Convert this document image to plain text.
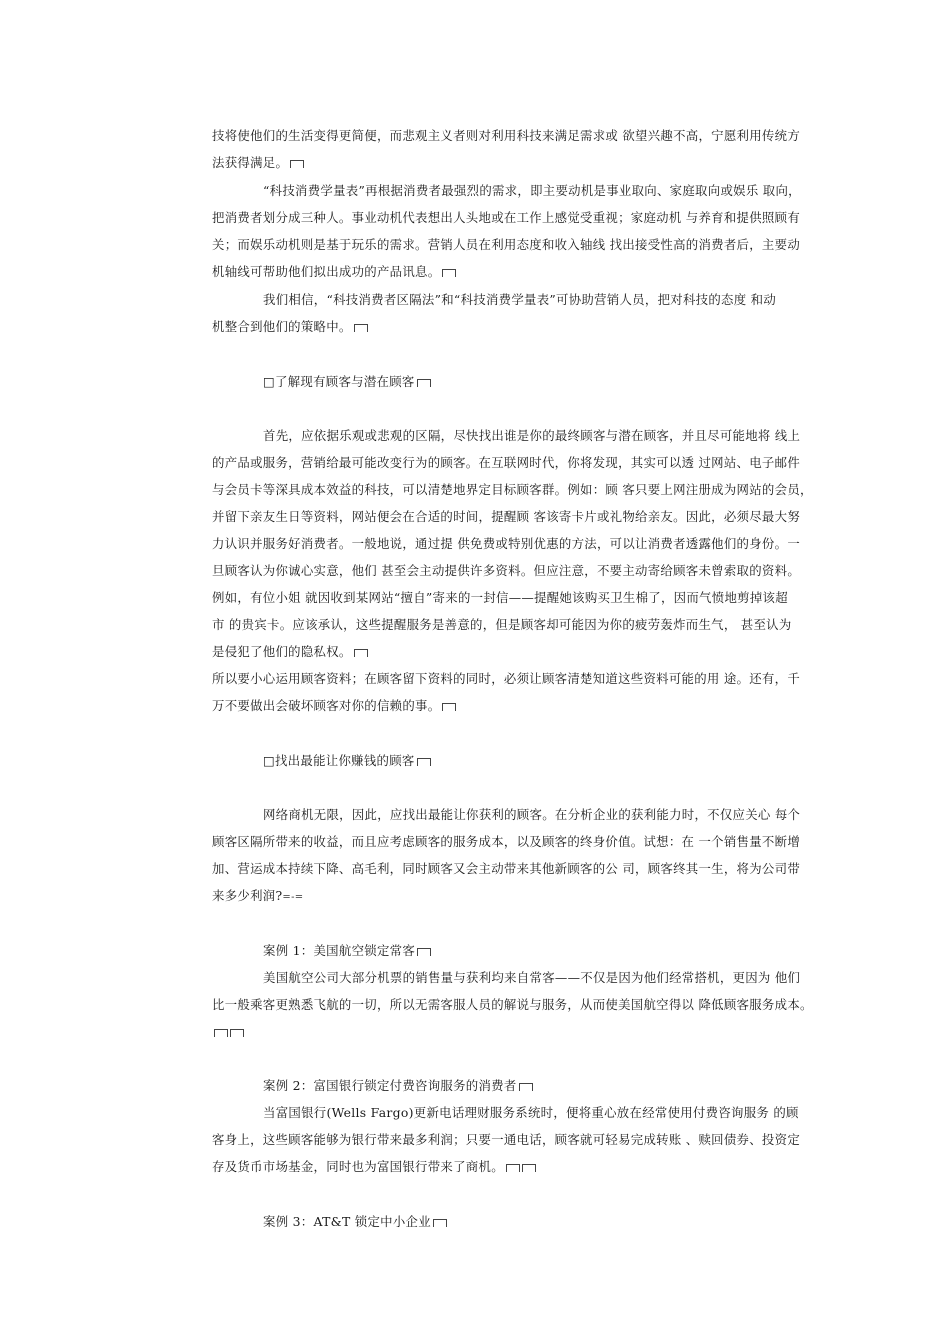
技将使他们的生活变得更简便，而悲观主义者则对利用科技来满足需求或 欲望兴趣不高，宁愿利用传统方
法获得满足。
“科技消费学量表”再根据消费者最强烈的需求，即主要动机是事业取向、家庭取向或娱乐 取向，
把消费者划分成三种人。事业动机代表想出人头地或在工作上感觉受重视；家庭动机 与养育和提供照顾有
关；而娱乐动机则是基于玩乐的需求。营销人员在利用态度和收入轴线 找出接受性高的消费者后，主要动
机轴线可帮助他们拟出成功的产品讯息。
我们相信，“科技消费者区隔法”和“科技消费学量表”可协助营销人员，把对科技的态度 和动
机整合到他们的策略中。
□了解现有顾客与潜在顾客
首先，应依据乐观或悲观的区隔，尽快找出谁是你的最终顾客与潜在顾客，并且尽可能地将 线上
的产品或服务，营销给最可能改变行为的顾客。在互联网时代，你将发现，其实可以透 过网站、电子邮件
与会员卡等深具成本效益的科技，可以清楚地界定目标顾客群。例如：顾 客只要上网注册成为网站的会员，
并留下亲友生日等资料，网站便会在合适的时间，提醒顾 客该寄卡片或礼物给亲友。因此，必须尽最大努
力认识并服务好消费者。一般地说，通过提 供免费或特别优惠的方法，可以让消费者透露他们的身份。一
旦顾客认为你诚心实意，他们 甚至会主动提供许多资料。但应注意，不要主动寄给顾客未曾索取的资料。
例如，有位小姐 就因收到某网站“擅自”寄来的一封信——提醒她该购买卫生棉了，因而气愤地剪掉该超
市 的贵宾卡。应该承认，这些提醒服务是善意的，但是顾客却可能因为你的疲劳轰炸而生气， 甚至认为
是侵犯了他们的隐私权。
所以要小心运用顾客资料；在顾客留下资料的同时，必须让顾客清楚知道这些资料可能的用 途。还有，千
万不要做出会破坏顾客对你的信赖的事。
□找出最能让你赚钱的顾客
网络商机无限，因此，应找出最能让你获利的顾客。在分析企业的获利能力时，不仅应关心 每个
顾客区隔所带来的收益，而且应考虑顾客的服务成本，以及顾客的终身价值。试想：在 一个销售量不断增
加、营运成本持续下降、高毛利，同时顾客又会主动带来其他新顾客的公 司，顾客终其一生，将为公司带
来多少利润?=-=
案例 1：美国航空锁定常客
美国航空公司大部分机票的销售量与获利均来自常客——不仅是因为他们经常搭机，更因为 他们
比一般乘客更熟悉飞航的一切，所以无需客服人员的解说与服务，从而使美国航空得以 降低顾客服务成本。
案例 2：富国银行锁定付费咨询服务的消费者
当富国银行(Wells Fargo)更新电话理财服务系统时，便将重心放在经常使用付费咨询服务 的顾
客身上，这些顾客能够为银行带来最多利润；只要一通电话，顾客就可轻易完成转账 、赎回债券、投资定
存及货币市场基金，同时也为富国银行带来了商机。
案例 3：AT&T 锁定中小企业
